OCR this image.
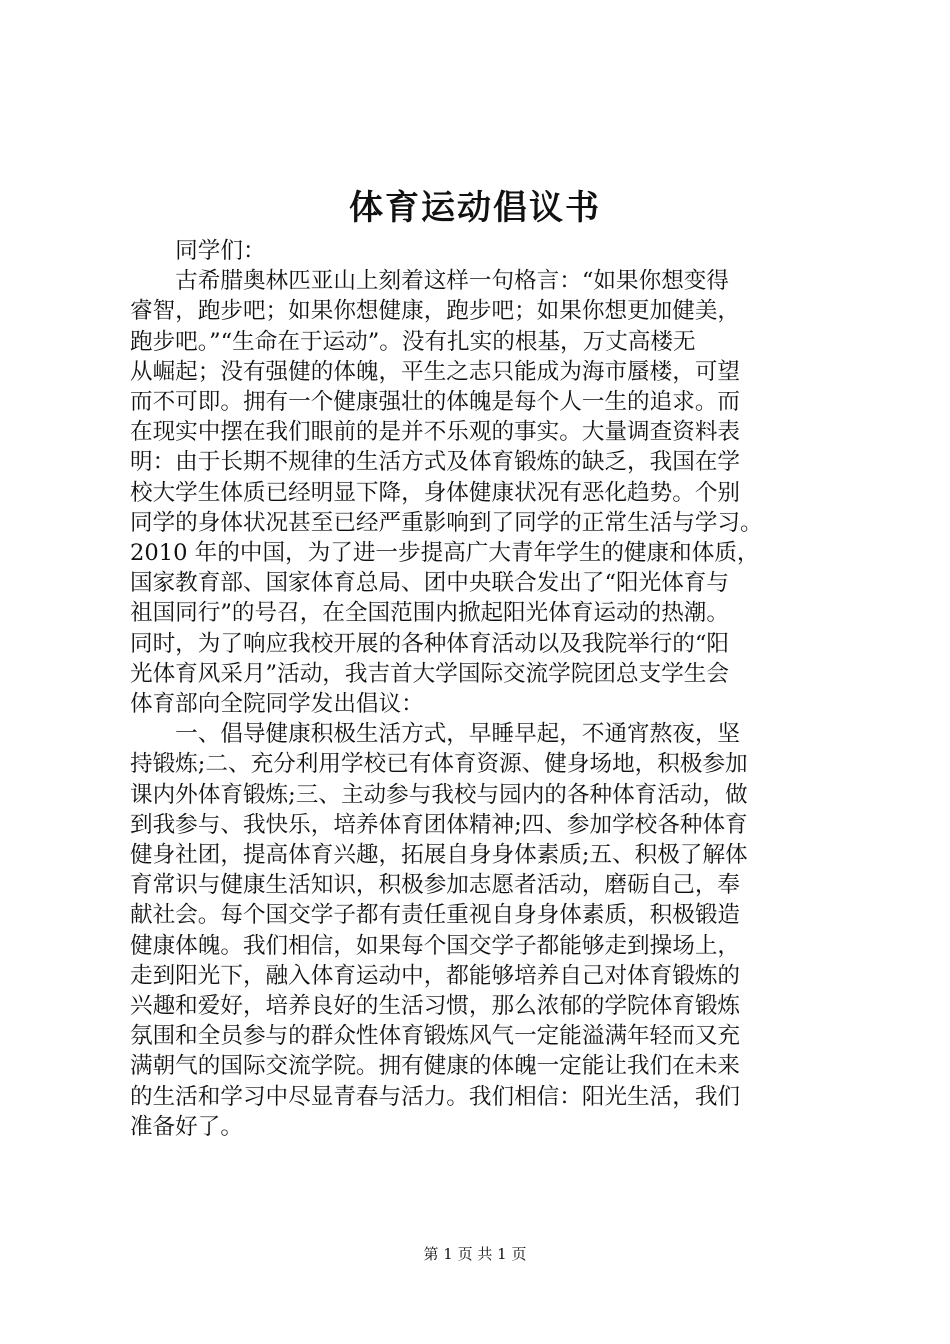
体育运动倡议书
　　同学们：
　　古希腊奥林匹亚山上刻着这样一句格言：“如果你想变得
睿智，跑步吧；如果你想健康，跑步吧；如果你想更加健美，
跑步吧。”“生命在于运动”。没有扎实的根基，万丈高楼无
从崛起；没有强健的体魄，平生之志只能成为海市蜃楼，可望
而不可即。拥有一个健康强壮的体魄是每个人一生的追求。而
在现实中摆在我们眼前的是并不乐观的事实。大量调查资料表
明：由于长期不规律的生活方式及体育锻炼的缺乏，我国在学
校大学生体质已经明显下降，身体健康状况有恶化趋势。个别
同学的身体状况甚至已经严重影响到了同学的正常生活与学习。
2010 年的中国，为了进一步提高广大青年学生的健康和体质，
国家教育部、国家体育总局、团中央联合发出了“阳光体育与
祖国同行”的号召，在全国范围内掀起阳光体育运动的热潮。
同时，为了响应我校开展的各种体育活动以及我院举行的“阳
光体育风采月”活动，我吉首大学国际交流学院团总支学生会
体育部向全院同学发出倡议：
　　一、倡导健康积极生活方式，早睡早起，不通宵熬夜，坚
持锻炼;二、充分利用学校已有体育资源、健身场地，积极参加
课内外体育锻炼;三、主动参与我校与园内的各种体育活动，做
到我参与、我快乐，培养体育团体精神;四、参加学校各种体育
健身社团，提高体育兴趣，拓展自身身体素质;五、积极了解体
育常识与健康生活知识，积极参加志愿者活动，磨砺自己，奉
献社会。每个国交学子都有责任重视自身身体素质，积极锻造
健康体魄。我们相信，如果每个国交学子都能够走到操场上，
走到阳光下，融入体育运动中，都能够培养自己对体育锻炼的
兴趣和爱好，培养良好的生活习惯，那么浓郁的学院体育锻炼
氛围和全员参与的群众性体育锻炼风气一定能溢满年轻而又充
满朝气的国际交流学院。拥有健康的体魄一定能让我们在未来
的生活和学习中尽显青春与活力。我们相信：阳光生活，我们
准备好了。
第 1 页 共 1 页
